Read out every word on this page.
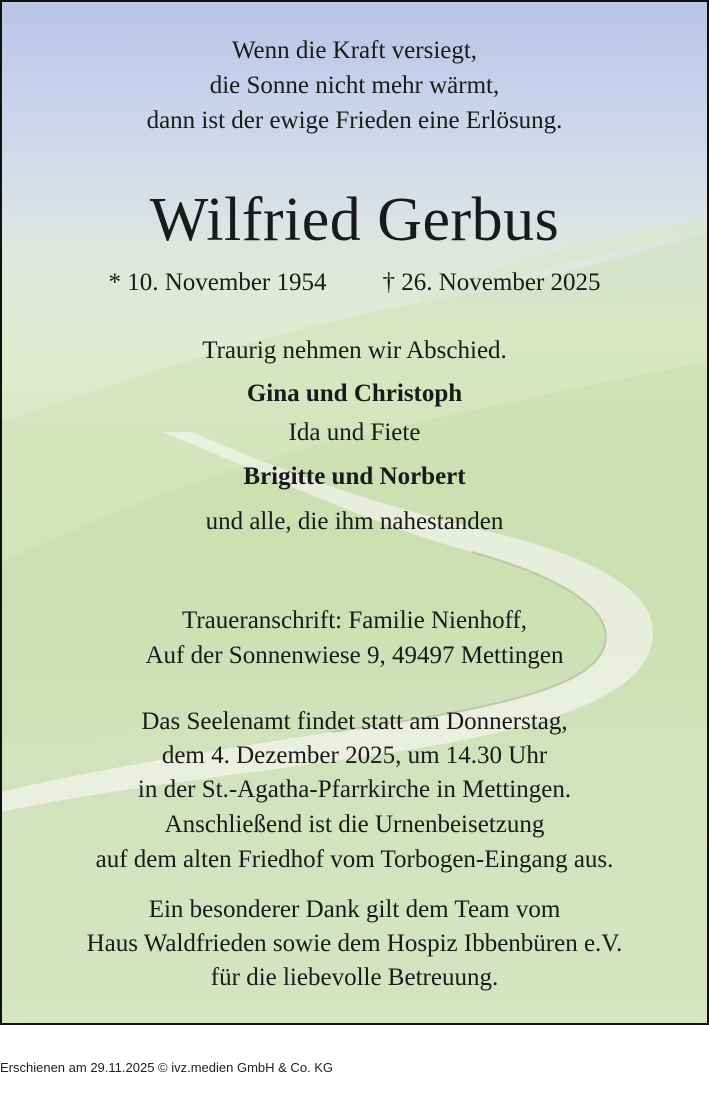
Wenn die Kraft versiegt,
die Sonne nicht mehr wärmt,
dann ist der ewige Frieden eine Erlösung.
Wilfried Gerbus
* 10. November 1954 † 26. November 2025
Traurig nehmen wir Abschied.
Gina und Christoph
Ida und Fiete
Brigitte und Norbert
und alle, die ihm nahestanden
Traueranschrift: Familie Nienhoff,
Auf der Sonnenwiese 9, 49497 Mettingen
Das Seelenamt findet statt am Donnerstag,
dem 4. Dezember 2025, um 14.30 Uhr
in der St.-Agatha-Pfarrkirche in Mettingen.
Anschließend ist die Urnenbeisetzung
auf dem alten Friedhof vom Torbogen-Eingang aus.
Ein besonderer Dank gilt dem Team vom
Haus Waldfrieden sowie dem Hospiz Ibbenbüren e.V.
für die liebevolle Betreuung.
Erschienen am 29.11.2025 © ivz.medien GmbH & Co. KG
